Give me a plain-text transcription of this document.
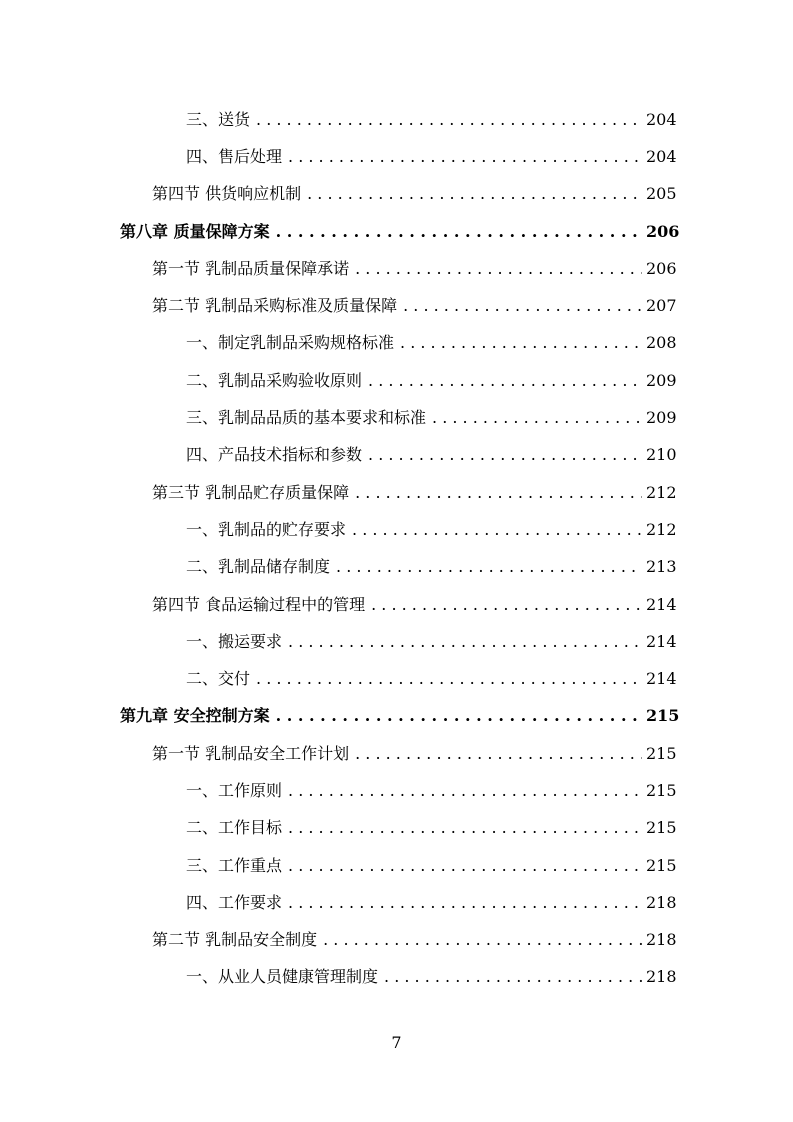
三、送货 . . .	204
四、售后处理 . . .	204
第四节 供货响应机制 . . .	205
第八章 质量保障方案 . . .	206
第一节 乳制品质量保障承诺 . . .	206
第二节 乳制品采购标准及质量保障 . . .	207
一、制定乳制品采购规格标准 . . .	208
二、乳制品采购验收原则 . . .	209
三、乳制品品质的基本要求和标准 . . .	209
四、产品技术指标和参数 . . .	210
第三节 乳制品贮存质量保障 . . .	212
一、乳制品的贮存要求 . . .	212
二、乳制品储存制度 . . .	213
第四节 食品运输过程中的管理 . . .	214
一、搬运要求 . . .	214
二、交付 . . .	214
第九章 安全控制方案 . . .	215
第一节 乳制品安全工作计划 . . .	215
一、工作原则 . . .	215
二、工作目标 . . .	215
三、工作重点 . . .	215
四、工作要求 . . .	218
第二节 乳制品安全制度 . . .	218
一、从业人员健康管理制度 . . .	218
7
